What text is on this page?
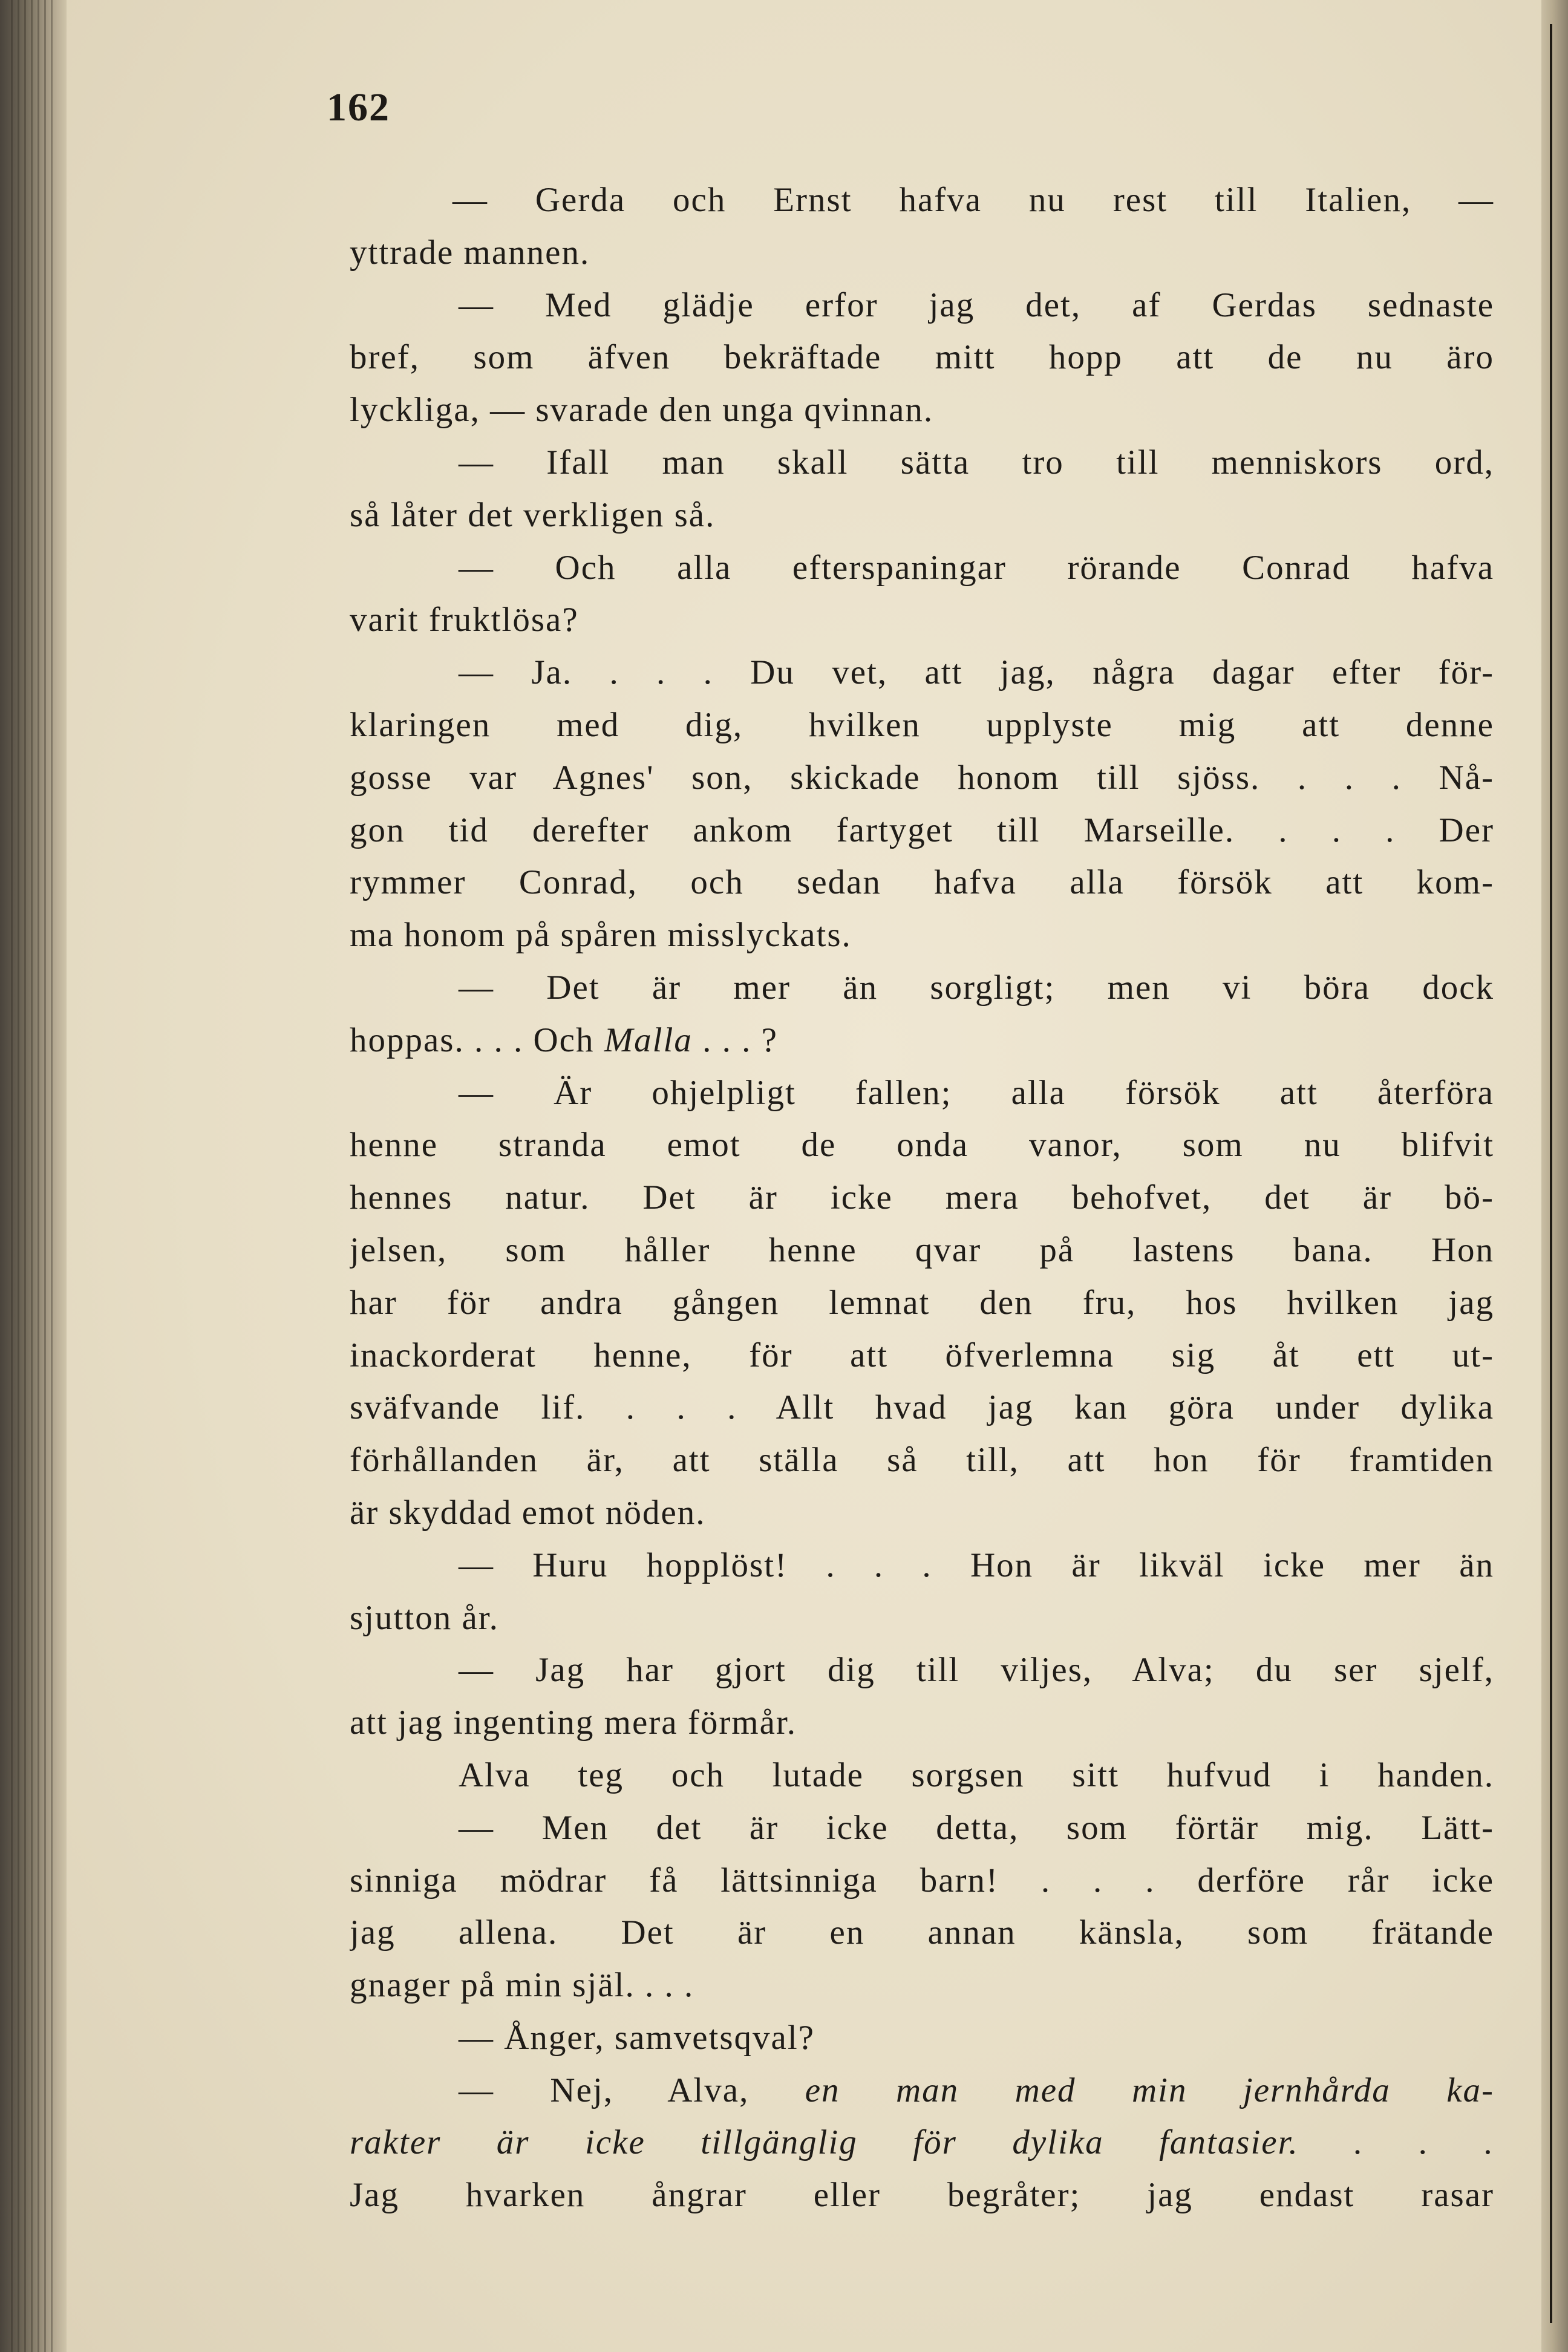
162
— Gerda och Ernst hafva nu rest till Italien, —
yttrade mannen.
— Med glädje erfor jag det, af Gerdas sednaste
bref, som äfven bekräftade mitt hopp att de nu äro
lyckliga, — svarade den unga qvinnan.
— Ifall man skall sätta tro till menniskors ord,
så låter det verkligen så.
— Och alla efterspaningar rörande Conrad hafva
varit fruktlösa?
— Ja. . . . Du vet, att jag, några dagar efter för-
klaringen med dig, hvilken upplyste mig att denne
gosse var Agnes' son, skickade honom till sjöss. . . . Nå-
gon tid derefter ankom fartyget till Marseille. . . . Der
rymmer Conrad, och sedan hafva alla försök att kom-
ma honom på spåren misslyckats.
— Det är mer än sorgligt; men vi böra dock
hoppas. . . . Och Malla . . . ?
— Är ohjelpligt fallen; alla försök att återföra
henne stranda emot de onda vanor, som nu blifvit
hennes natur. Det är icke mera behofvet, det är bö-
jelsen, som håller henne qvar på lastens bana. Hon
har för andra gången lemnat den fru, hos hvilken jag
inackorderat henne, för att öfverlemna sig åt ett ut-
sväfvande lif. . . . Allt hvad jag kan göra under dylika
förhållanden är, att ställa så till, att hon för framtiden
är skyddad emot nöden.
— Huru hopplöst! . . . Hon är likväl icke mer än
sjutton år.
— Jag har gjort dig till viljes, Alva; du ser sjelf,
att jag ingenting mera förmår.
Alva teg och lutade sorgsen sitt hufvud i handen.
— Men det är icke detta, som förtär mig. Lätt-
sinniga mödrar få lättsinniga barn! . . . derföre rår icke
jag allena. Det är en annan känsla, som frätande
gnager på min själ. . . .
— Ånger, samvetsqval?
— Nej, Alva, en man med min jernhårda ka-
rakter är icke tillgänglig för dylika fantasier. . . .
Jag hvarken ångrar eller begråter; jag endast rasar
